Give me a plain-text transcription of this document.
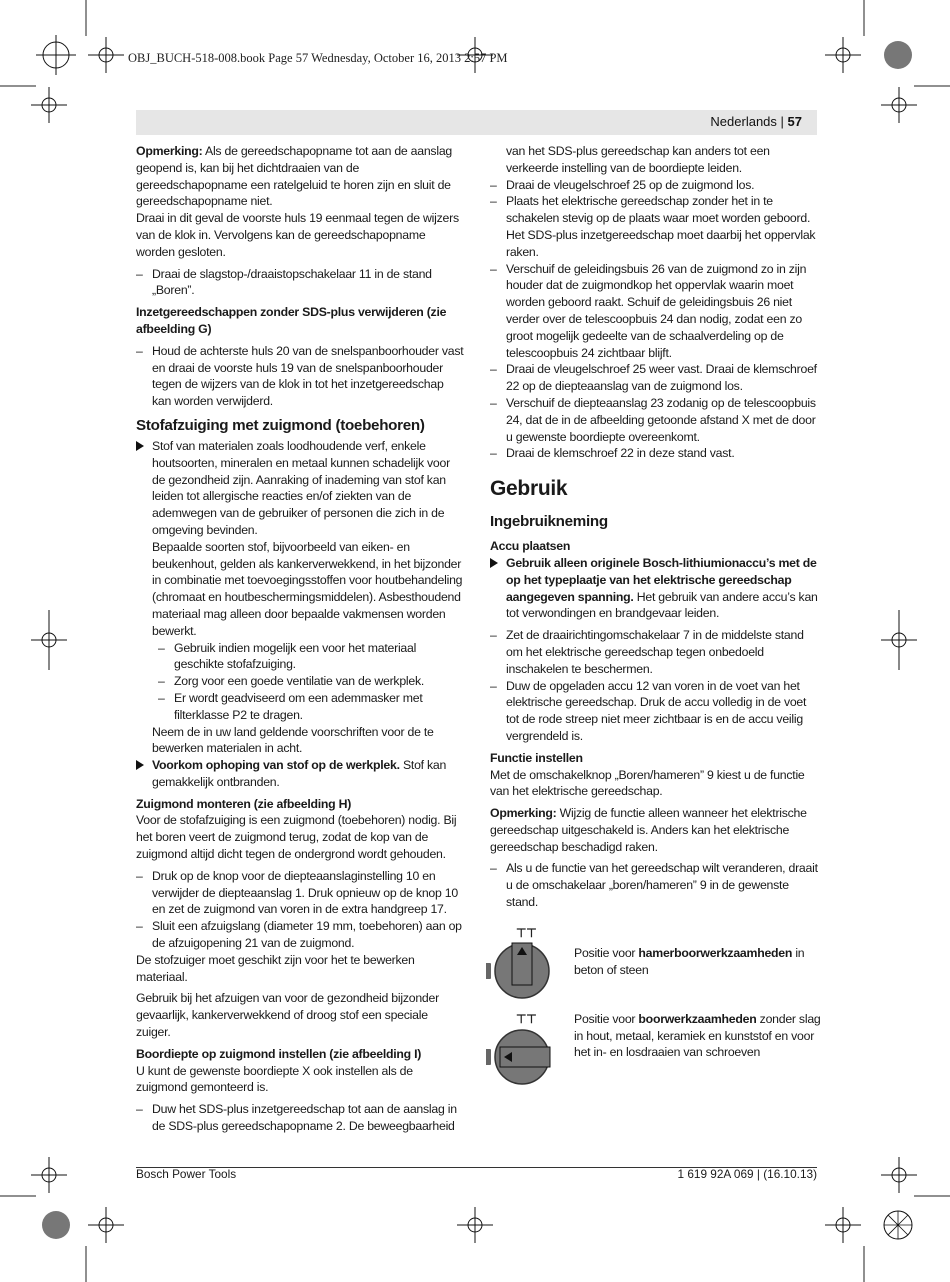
OBJ_BUCH-518-008.book Page 57 Wednesday, October 16, 2013 2:57 PM
Nederlands | 57

Opmerking: Als de gereedschapopname tot aan de aanslag geopend is, kan bij het dichtdraaien van de gereedschapopname een ratelgeluid te horen zijn en sluit de gereedschapopname niet.

Draai in dit geval de voorste huls 19 eenmaal tegen de wijzers van de klok in. Vervolgens kan de gereedschapopname worden gesloten.

– Draai de slagstop-/draaistopschakelaar 11 in de stand „Boren”.

Inzetgereedschappen zonder SDS-plus verwijderen (zie afbeelding G)

– Houd de achterste huls 20 van de snelspanboorhouder vast en draai de voorste huls 19 van de snelspanboorhouder tegen de wijzers van de klok in tot het inzetgereedschap kan worden verwijderd.
Stofafzuiging met zuigmond (toebehoren)
Stof van materialen zoals loodhoudende verf, enkele houtsoorten, mineralen en metaal kunnen schadelijk voor de gezondheid zijn. Aanraking of inademing van stof kan leiden tot allergische reacties en/of ziekten van de ademwegen van de gebruiker of personen die zich in de omgeving bevinden.

Bepaalde soorten stof, bijvoorbeeld van eiken- en beukenhout, gelden als kankerverwekkend, in het bijzonder in combinatie met toevoegingsstoffen voor houtbehandeling (chromaat en houtbeschermingsmiddelen). Asbesthoudend materiaal mag alleen door bepaalde vakmensen worden bewerkt.

– Gebruik indien mogelijk een voor het materiaal geschikte stofafzuiging.
– Zorg voor een goede ventilatie van de werkplek.
– Er wordt geadviseerd om een ademmasker met filterklasse P2 te dragen.

Neem de in uw land geldende voorschriften voor de te bewerken materialen in acht.

Voorkom ophoping van stof op de werkplek. Stof kan gemakkelijk ontbranden.

Zuigmond monteren (zie afbeelding H)

Voor de stofafzuiging is een zuigmond (toebehoren) nodig. Bij het boren veert de zuigmond terug, zodat de kop van de zuigmond altijd dicht tegen de ondergrond wordt gehouden.

– Druk op de knop voor de diepteaanslaginstelling 10 en verwijder de diepteaanslag 1. Druk opnieuw op de knop 10 en zet de zuigmond van voren in de extra handgreep 17.
– Sluit een afzuigslang (diameter 19 mm, toebehoren) aan op de afzuigopening 21 van de zuigmond.

De stofzuiger moet geschikt zijn voor het te bewerken materiaal.

Gebruik bij het afzuigen van voor de gezondheid bijzonder gevaarlijk, kankerverwekkend of droog stof een speciale zuiger.

Boordiepte op zuigmond instellen (zie afbeelding I)

U kunt de gewenste boordiepte X ook instellen als de zuigmond gemonteerd is.

– Duw het SDS-plus inzetgereedschap tot aan de aanslag in de SDS-plus gereedschapopname 2. De beweegbaarheid

van het SDS-plus gereedschap kan anders tot een verkeerde instelling van de boordiepte leiden.

– Draai de vleugelschroef 25 op de zuigmond los.
– Plaats het elektrische gereedschap zonder het in te schakelen stevig op de plaats waar moet worden geboord. Het SDS-plus inzetgereedschap moet daarbij het oppervlak raken.
– Verschuif de geleidingsbuis 26 van de zuigmond zo in zijn houder dat de zuigmondkop het oppervlak waarin moet worden geboord raakt. Schuif de geleidingsbuis 26 niet verder over de telescoopbuis 24 dan nodig, zodat een zo groot mogelijk gedeelte van de schaalverdeling op de telescoopbuis 24 zichtbaar blijft.
– Draai de vleugelschroef 25 weer vast. Draai de klemschroef 22 op de diepteaanslag van de zuigmond los.
– Verschuif de diepteaanslag 23 zodanig op de telescoopbuis 24, dat de in de afbeelding getoonde afstand X met de door u gewenste boordiepte overeenkomt.
– Draai de klemschroef 22 in deze stand vast.
Gebruik
Ingebruikneming

Accu plaatsen

Gebruik alleen originele Bosch-lithiumionaccu’s met de op het typeplaatje van het elektrische gereedschap aangegeven spanning. Het gebruik van andere accu’s kan tot verwondingen en brandgevaar leiden.
– Zet de draairichtingomschakelaar 7 in de middelste stand om het elektrische gereedschap tegen onbedoeld inschakelen te beschermen.
– Duw de opgeladen accu 12 van voren in de voet van het elektrische gereedschap. Druk de accu volledig in de voet tot de rode streep niet meer zichtbaar is en de accu veilig vergrendeld is.

Functie instellen

Met de omschakelknop „Boren/hameren” 9 kiest u de functie van het elektrische gereedschap.

Opmerking: Wijzig de functie alleen wanneer het elektrische gereedschap uitgeschakeld is. Anders kan het elektrische gereedschap beschadigd raken.

– Als u de functie van het gereedschap wilt veranderen, draait u de omschakelaar „boren/hameren” 9 in de gewenste stand.
⊤⊤
Positie voor hamerboorwerkzaamheden in beton of steen
⊤⊤	Positie voor boorwerkzaamheden zonder slag in hout, metaal, keramiek en kunststof en voor het in- en losdraaien van schroeven
Bosch Power Tools	1 619 92A 069 | (16.10.13)
